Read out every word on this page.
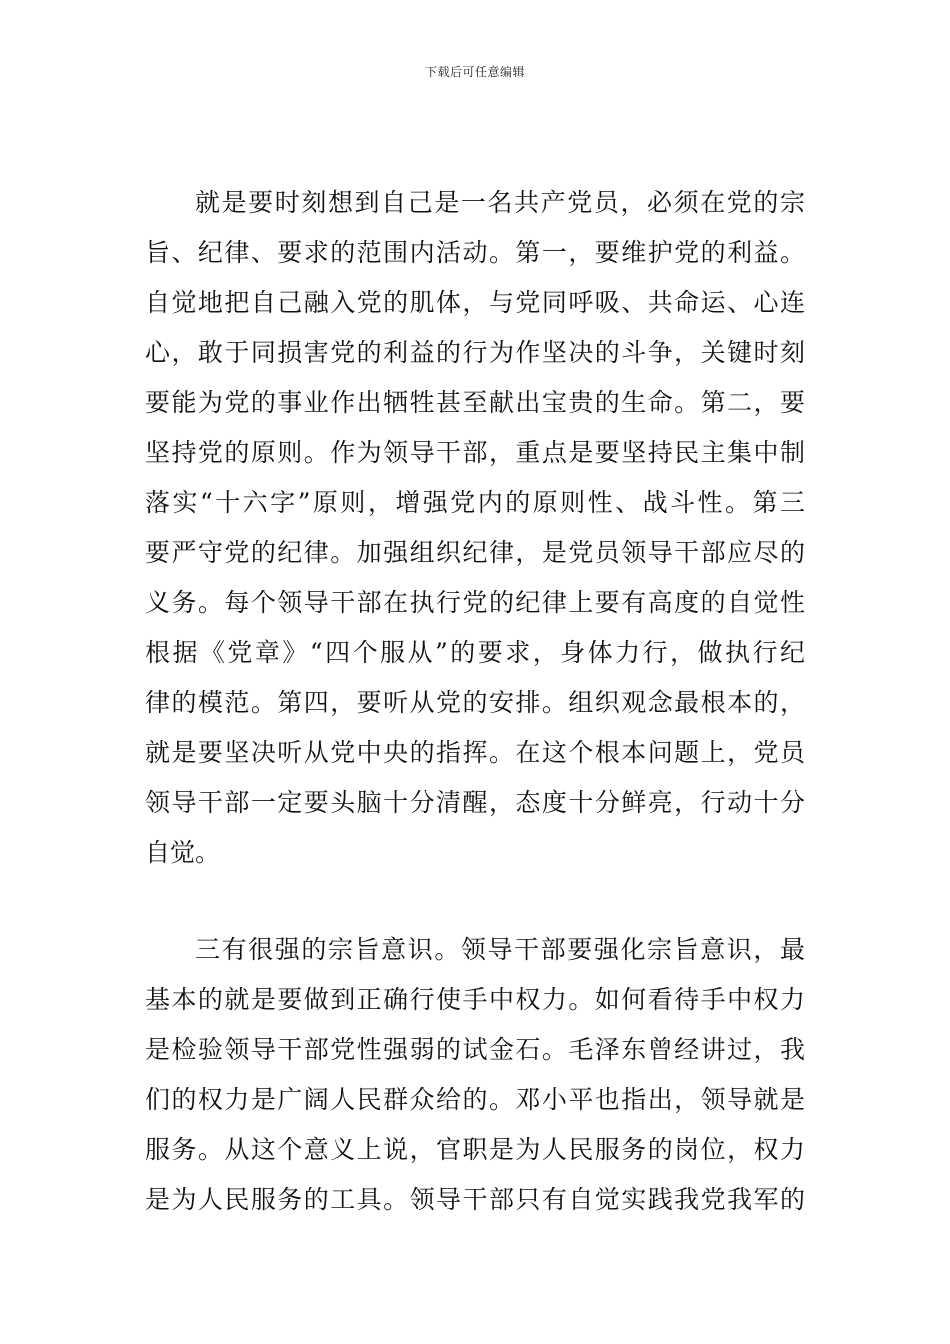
下载后可任意编辑
就是要时刻想到自己是一名共产党员，必须在党的宗
旨、纪律、要求的范围内活动。第一，要维护党的利益。
自觉地把自己融入党的肌体，与党同呼吸、共命运、心连
心，敢于同损害党的利益的行为作坚决的斗争，关键时刻
要能为党的事业作出牺牲甚至献出宝贵的生命。第二，要
坚持党的原则。作为领导干部，重点是要坚持民主集中制
落实“十六字”原则，增强党内的原则性、战斗性。第三
要严守党的纪律。加强组织纪律，是党员领导干部应尽的
义务。每个领导干部在执行党的纪律上要有高度的自觉性
根据《党章》“四个服从”的要求，身体力行，做执行纪
律的模范。第四，要听从党的安排。组织观念最根本的，
就是要坚决听从党中央的指挥。在这个根本问题上，党员
领导干部一定要头脑十分清醒，态度十分鲜亮，行动十分
自觉。
三有很强的宗旨意识。领导干部要强化宗旨意识，最
基本的就是要做到正确行使手中权力。如何看待手中权力
是检验领导干部党性强弱的试金石。毛泽东曾经讲过，我
们的权力是广阔人民群众给的。邓小平也指出，领导就是
服务。从这个意义上说，官职是为人民服务的岗位，权力
是为人民服务的工具。领导干部只有自觉实践我党我军的
